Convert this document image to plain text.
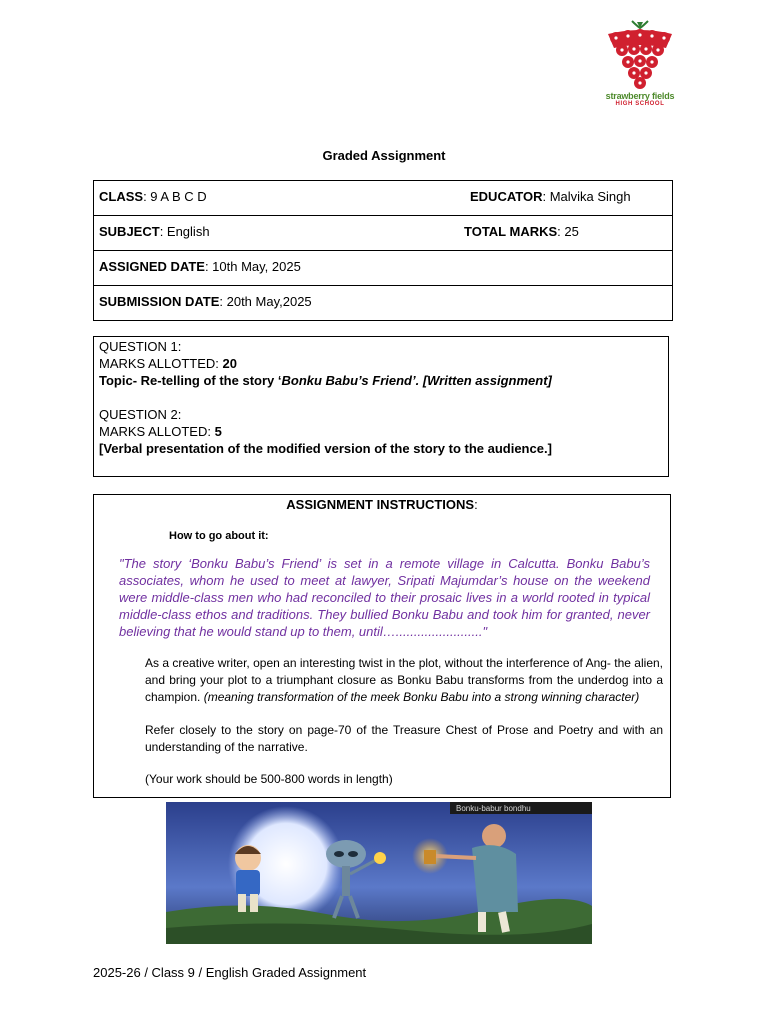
strawberry fields
HIGH SCHOOL
Graded Assignment
CLASS: 9 A B C D	EDUCATOR: Malvika Singh
SUBJECT: English	TOTAL MARKS: 25
ASSIGNED DATE: 10th May, 2025
SUBMISSION DATE: 20th May,2025
QUESTION 1:
MARKS ALLOTTED: 20
Topic- Re-telling of the story ‘Bonku Babu’s Friend’. [Written assignment]
QUESTION 2:
MARKS ALLOTED: 5
[Verbal presentation of the modified version of the story to the audience.]
ASSIGNMENT INSTRUCTIONS:
How to go about it:
"The story ‘Bonku Babu’s Friend’ is set in a remote village in Calcutta. Bonku Babu’s associates, whom he used to meet at lawyer, Sripati Majumdar’s house on the weekend were middle-class men who had reconciled to their prosaic lives in a world rooted in typical middle-class ethos and traditions. They bullied Bonku Babu and took him for granted, never believing that he would stand up to them, until…........................"
As a creative writer, open an interesting twist in the plot, without the interference of Ang- the alien, and bring your plot to a triumphant closure as Bonku Babu transforms from the underdog into a champion. (meaning transformation of the meek Bonku Babu into a strong winning character)
Refer closely to the story on page-70 of the Treasure Chest of Prose and Poetry and with an understanding of the narrative.
(Your work should be 500-800 words in length)
Bonku-babur bondhu
2025-26 / Class 9 / English Graded Assignment
